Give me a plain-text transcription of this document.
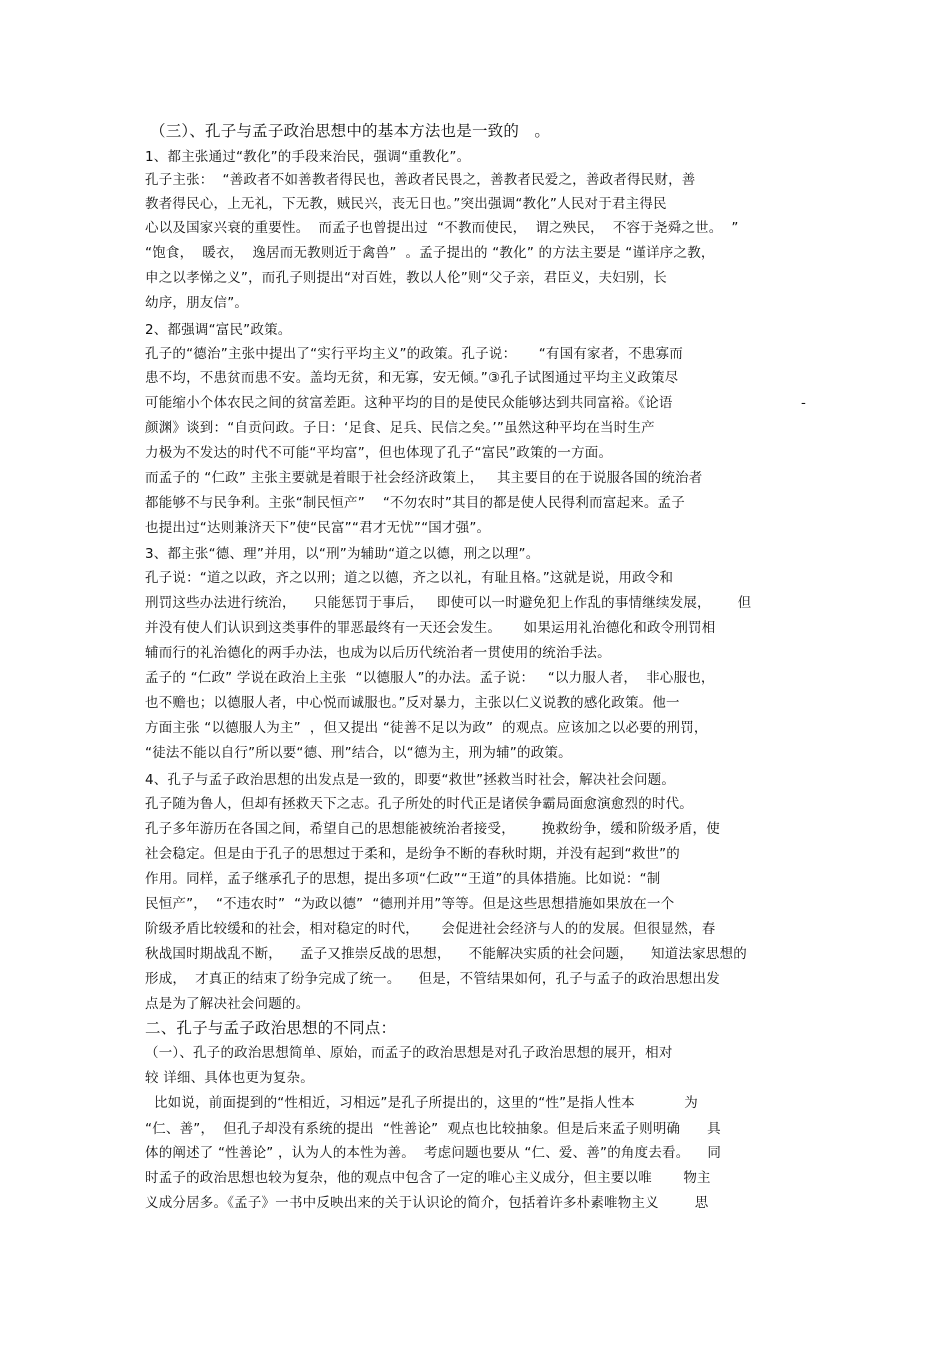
（三）、孔子与孟子政治思想中的基本方法也是一致的   。
1、都主张通过“教化”的手段来治民，强调“重教化”。
孔子主张：  “善政者不如善教者得民也，善政者民畏之，善教者民爱之，善政者得民财，善
教者得民心，上无礼，下无教，贼民兴，丧无日也。”突出强调“教化”人民对于君主得民
心以及国家兴衰的重要性。  而孟子也曾提出过  “不教而使民，  谓之殃民，  不容于尧舜之世。  ”
“饱食，  暖衣，  逸居而无教则近于禽兽”  。孟子提出的 “教化” 的方法主要是 “谨详序之教，
申之以孝悌之义”，而孔子则提出“对百姓，教以人伦”则“父子亲，君臣义，夫妇别，长
幼序，朋友信”。
2、都强调“富民”政策。
孔子的“德治”主张中提出了“实行平均主义”的政策。孔子说：     “有国有家者，不患寡而
患不均，不患贫而患不安。盖均无贫，和无寡，安无倾。”③孔子试图通过平均主义政策尽
可能缩小个体农民之间的贫富差距。这种平均的目的是使民众能够达到共同富裕。《论语	-
颜渊》谈到：“自贡问政。子日：‘足食、足兵、民信之矣。’”虽然这种平均在当时生产
力极为不发达的时代不可能“平均富”，但也体现了孔子“富民”政策的一方面。
而孟子的 “仁政” 主张主要就是着眼于社会经济政策上，   其主要目的在于说服各国的统治者
都能够不与民争利。主张“制民恒产”    “不勿农时”其目的都是使人民得利而富起来。孟子
也提出过“达则兼济天下”使“民富”“君才无忧”“国才强”。
3、都主张“德、理”并用，以“刑”为辅助“道之以德，刑之以理”。
孔子说：“道之以政，齐之以刑；道之以德，齐之以礼，有耻且格。”这就是说，用政令和
刑罚这些办法进行统治，    只能惩罚于事后，   即使可以一时避免犯上作乱的事情继续发展，      但
并没有使人们认识到这类事件的罪恶最终有一天还会发生。     如果运用礼治德化和政令刑罚相
辅而行的礼治德化的两手办法，也成为以后历代统治者一贯使用的统治手法。
孟子的 “仁政” 学说在政治上主张  “以德服人”的办法。孟子说：   “以力服人者，  非心服也，
也不赡也；以德服人者，中心悦而诚服也。”反对暴力，主张以仁义说教的感化政策。他一
方面主张 “以德服人为主”  ，但又提出 “徒善不足以为政”  的观点。应该加之以必要的刑罚，
“徒法不能以自行”所以要“德、刑”结合，以“德为主，刑为辅”的政策。
4、孔子与孟子政治思想的出发点是一致的，即要“救世”拯救当时社会，解决社会问题。
孔子随为鲁人，但却有拯救天下之志。孔子所处的时代正是诸侯争霸局面愈演愈烈的时代。
孔子多年游历在各国之间，希望自己的思想能被统治者接受，      挽救纷争，缓和阶级矛盾，使
社会稳定。但是由于孔子的思想过于柔和，是纷争不断的春秋时期，并没有起到“救世”的
作用。同样，孟子继承孔子的思想，提出多项“仁政”“王道”的具体措施。比如说：“制
民恒产”，  “不违农时”  “为政以德”  “德刑并用”等等。但是这些思想措施如果放在一个
阶级矛盾比较缓和的社会，相对稳定的时代，     会促进社会经济与人的的发展。但很显然，春
秋战国时期战乱不断，    孟子又推崇反战的思想，    不能解决实质的社会问题，    知道法家思想的
形成，  才真正的结束了纷争完成了统一。    但是，不管结果如何，孔子与孟子的政治思想出发
点是为了解决社会问题的。
二、孔子与孟子政治思想的不同点：
（一）、孔子的政治思想简单、原始，而孟子的政治思想是对孔子政治思想的展开，相对
较 详细、具体也更为复杂。
比如说，前面提到的“性相近，习相远”是孔子所提出的，这里的“性”是指人性本           为
“仁、善”，  但孔子却没有系统的提出  “性善论”  观点也比较抽象。但是后来孟子则明确      具
体的阐述了 “性善论” ，认为人的本性为善。  考虑问题也要从 “仁、爱、善”的角度去看。    同
时孟子的政治思想也较为复杂，他的观点中包含了一定的唯心主义成分，但主要以唯       物主
义成分居多。《孟子》一书中反映出来的关于认识论的简介，包括着许多朴素唯物主义        思
